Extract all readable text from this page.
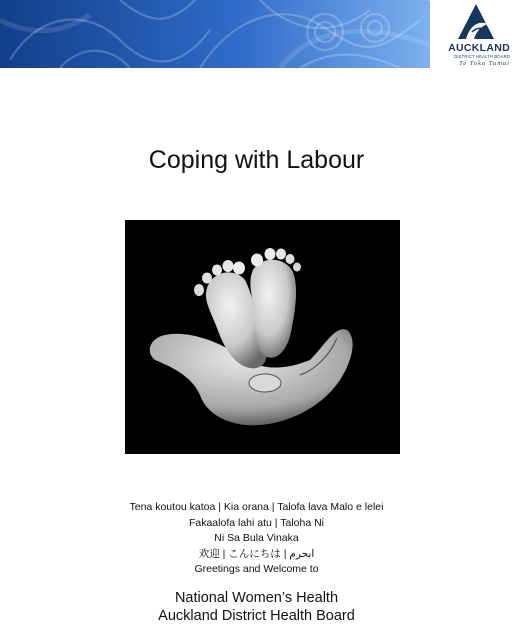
AUCKLAND
DISTRICT HEALTH BOARD
Te Toka Tumai
Coping with Labour
Tena koutou katoa | Kia orana | Talofa lava Malo e lelei
Fakaalofa lahi atu | Taloha Ni
Ni Sa Bula Vinaka
欢迎 | こんにちは | ابحرم
Greetings and Welcome to
National Women’s Health
Auckland District Health Board
